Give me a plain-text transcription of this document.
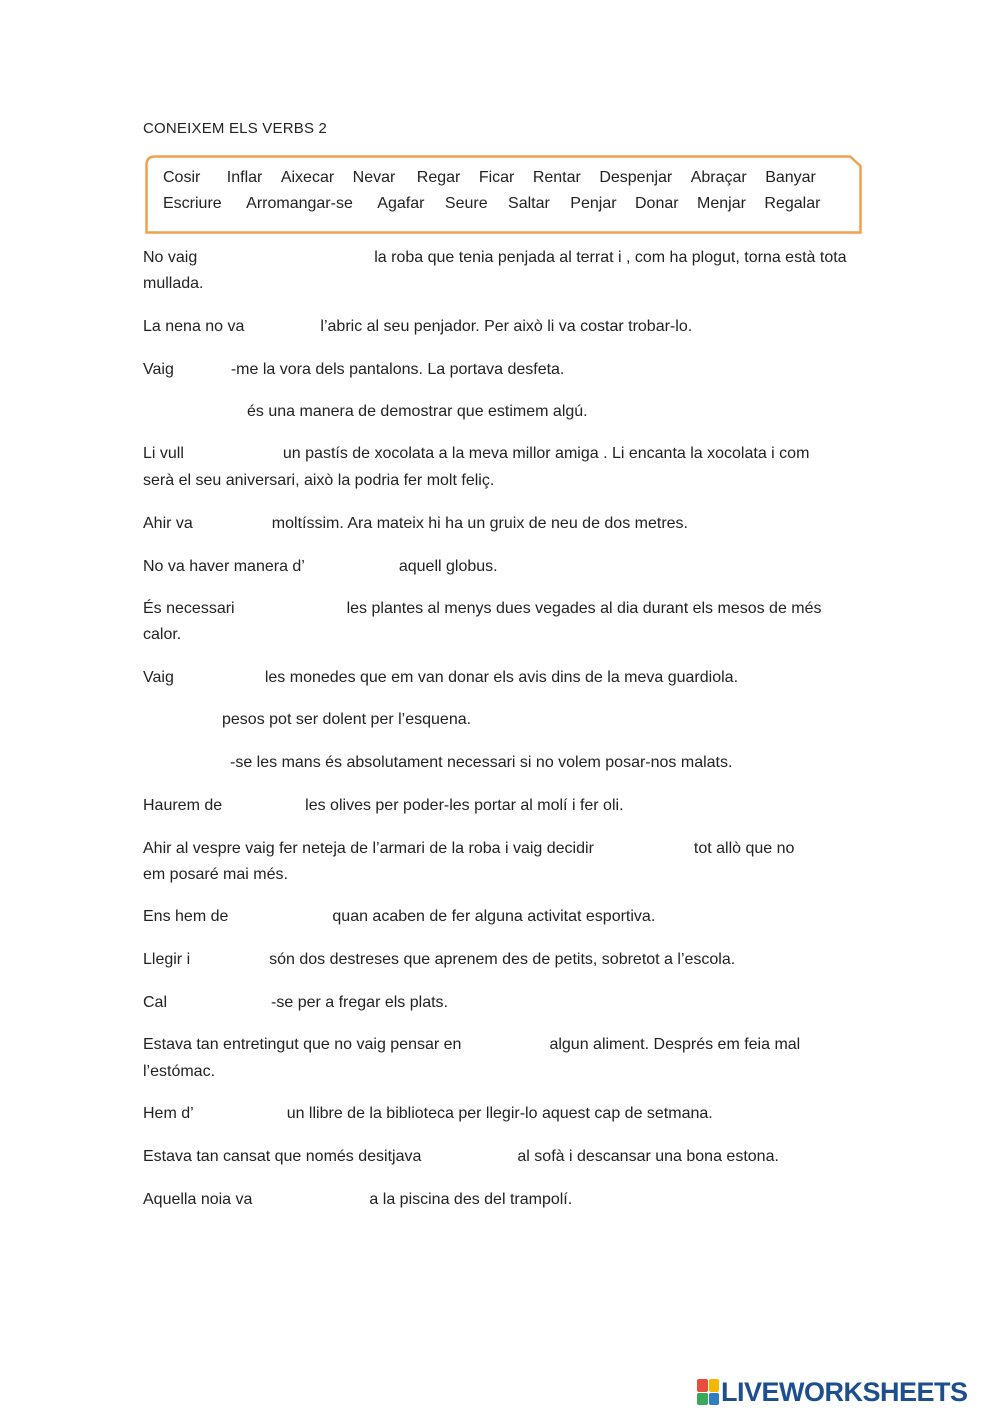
CONEIXEM ELS VERBS 2
Cosir Inflar Aixecar Nevar Regar Ficar Rentar Despenjar Abraçar Banyar
Escriure Arromangar-se Agafar Seure Saltar Penjar Donar Menjar Regalar
No vaig	la roba que tenia penjada al terrat i , com ha plogut, torna està tota
mullada.
La nena no va	l’abric al seu penjador. Per això li va costar trobar-lo.
Vaig	-me la vora dels pantalons. La portava desfeta.
és una manera de demostrar que estimem algú.
Li vull	un pastís de xocolata a la meva millor amiga . Li encanta la xocolata i com
serà el seu aniversari, això la podria fer molt feliç.
Ahir va	moltíssim. Ara mateix hi ha un gruix de neu de dos metres.
No va haver manera d’	aquell globus.
És necessari	les plantes al menys dues vegades al dia durant els mesos de més
calor.
Vaig	les monedes que em van donar els avis dins de la meva guardiola.
pesos pot ser dolent per l’esquena.
-se les mans és absolutament necessari si no volem posar-nos malats.
Haurem de	les olives per poder-les portar al molí i fer oli.
Ahir al vespre vaig fer neteja de l’armari de la roba i vaig decidir	tot allò que no
em posaré mai més.
Ens hem de	quan acaben de fer alguna activitat esportiva.
Llegir i	són dos destreses que aprenem des de petits, sobretot a l’escola.
Cal	-se per a fregar els plats.
Estava tan entretingut que no vaig pensar en	algun aliment. Després em feia mal
l’estómac.
Hem d’	un llibre de la biblioteca per llegir-lo aquest cap de setmana.
Estava tan cansat que només desitjava	al sofà i descansar una bona estona.
Aquella noia va	a la piscina des del trampolí.
LIVEWORKSHEETS
